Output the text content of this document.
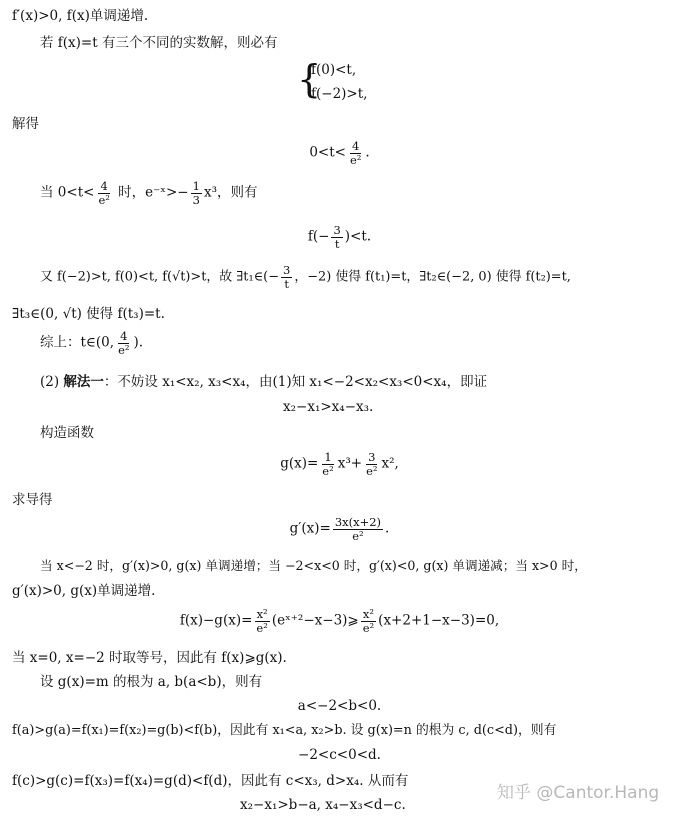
f′(x)>0, f(x)单调递增.
若 f(x)=t 有三个不同的实数解，则必有
{
f(0)<t,
f(−2)>t,
解得
$0<t< \frac{4}{\text{e²}}$ .
当 $0<t< \frac{4}{\text{e²}}$ 时，e⁻ˣ>− $\frac{1}{3} x^3$，则有
$f(- \frac{3}{t} )<t$.
又 f(−2)>t, f(0)<t, f(√t)>t，故 ∃t₁∈(− $\frac{3}{t}$ ，−2) 使得 f(t₁)=t，∃t₂∈(−2, 0) 使得 f(t₂)=t,
∃t₃∈(0, √t) 使得 f(t₃)=t.
综上：t∈(0, $\frac{4}{\text{e²}}$ ).
(2) 解法一：不妨设 x₁<x₂, x₃<x₄，由(1)知 x₁<−2<x₂<x₃<0<x₄，即证
x₂−x₁>x₄−x₃.
构造函数
$g(x)= \frac{1}{\text{e²}} x^3+ \frac{3}{\text{e²}} x^2$,
求导得
$g'(x)= \frac{3x(x+2)}{\text{e²}}$ .
当 x<−2 时，g′(x)>0, g(x) 单调递增；当 −2<x<0 时，g′(x)<0, g(x) 单调递减；当 x>0 时，
g′(x)>0, g(x)单调递增.
$f(x)-g(x)= \frac{\text{x²}}{\text{e²}}$ (eˣ⁺²−x−3)⩾ $\frac{\text{x²}}{\text{e²}} (x+2+1-x-3)=0$,
当 x=0, x=−2 时取等号，因此有 f(x)⩾g(x).
设 g(x)=m 的根为 a, b(a<b)，则有
a<−2<b<0.
f(a)>g(a)=f(x₁)=f(x₂)=g(b)<f(b)，因此有 x₁<a, x₂>b. 设 g(x)=n 的根为 c, d(c<d)，则有
−2<c<0<d.
f(c)>g(c)=f(x₃)=f(x₄)=g(d)<f(d)，因此有 c<x₃, d>x₄. 从而有
x₂−x₁>b−a, x₄−x₃<d−c.
知乎 @Cantor.Hang
